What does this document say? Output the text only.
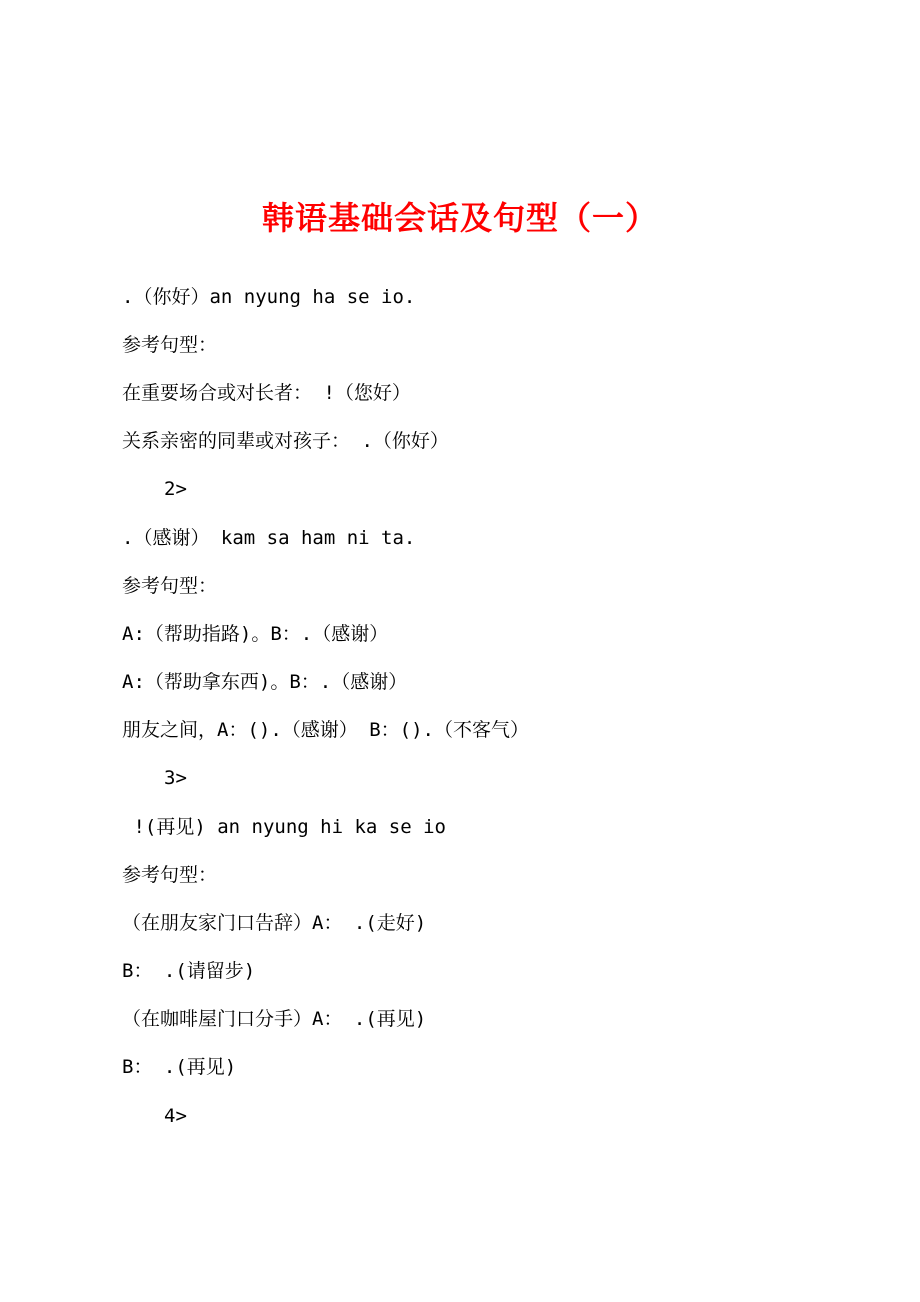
韩语基础会话及句型（一）
.（你好）an nyung ha se io.
参考句型：
在重要场合或对长者： !（您好）
关系亲密的同辈或对孩子： .（你好）
2>
.（感谢） kam sa ham ni ta.
参考句型：
A:（帮助指路)。B：.（感谢）
A:（帮助拿东西)。B：.（感谢）
朋友之间，A：().（感谢） B：().（不客气）
3>
!(再见) an nyung hi ka se io
参考句型：
（在朋友家门口告辞）A： .(走好)
B： .(请留步)
（在咖啡屋门口分手）A： .(再见)
B： .(再见)
4>
